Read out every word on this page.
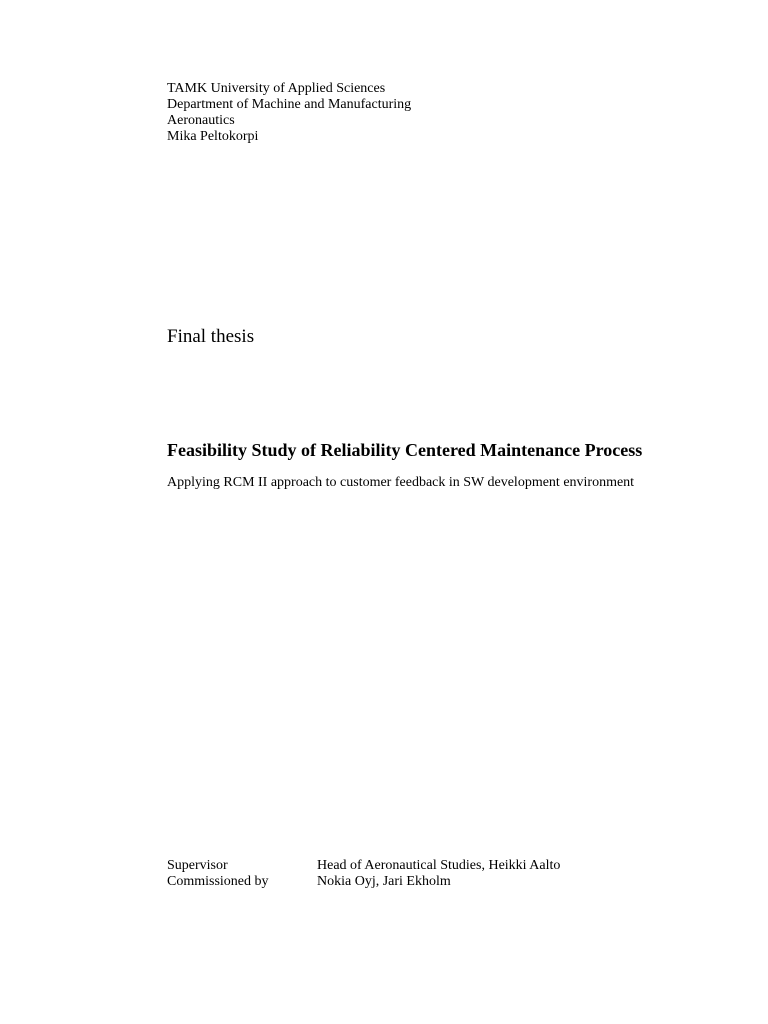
TAMK University of Applied Sciences
Department of Machine and Manufacturing
Aeronautics
Mika Peltokorpi
Final thesis
Feasibility Study of Reliability Centered Maintenance Process
Applying RCM II approach to customer feedback in SW development environment
Supervisor	Head of Aeronautical Studies, Heikki Aalto
Commissioned by	Nokia Oyj, Jari Ekholm
